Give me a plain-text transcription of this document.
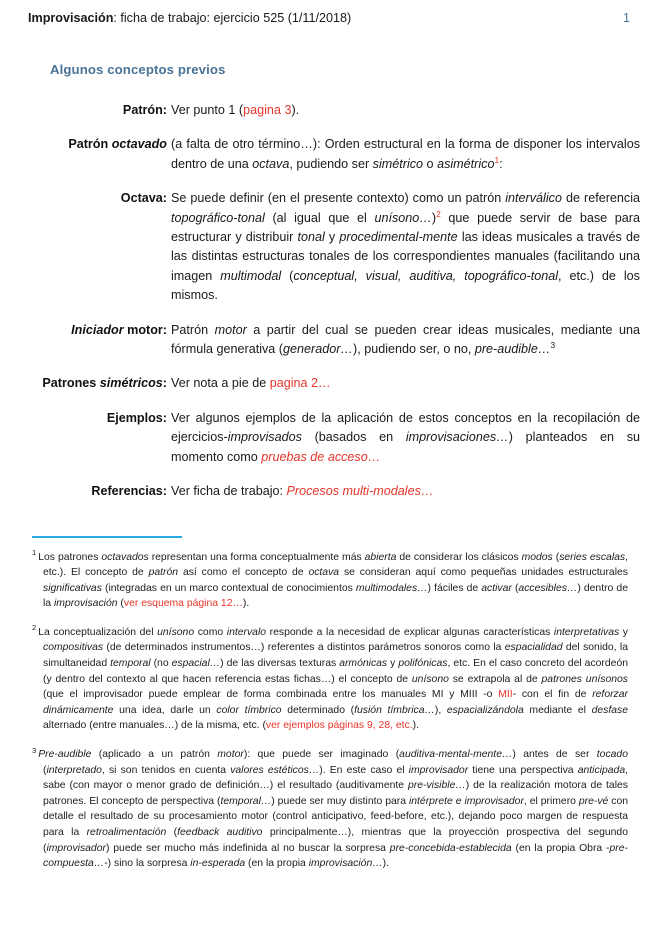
Improvisación: ficha de trabajo: ejercicio 525 (1/11/2018)	1
Algunos conceptos previos
Patrón: Ver punto 1 (pagina 3).
Patrón octavado (a falta de otro término…): Orden estructural en la forma de disponer los intervalos dentro de una octava, pudiendo ser simétrico o asimétrico$^1$:
Octava: Se puede definir (en el presente contexto) como un patrón interválico de referencia topográfico-tonal (al igual que el unísono…)$^2$ que puede servir de base para estructurar y distribuir tonal y procedimental-mente las ideas musicales a través de las distintas estructuras tonales de los correspondientes manuales (facilitando una imagen multimodal (conceptual, visual, auditiva, topográfico-tonal, etc.) de los mismos.
Iniciador motor: Patrón motor a partir del cual se pueden crear ideas musicales, mediante una fórmula generativa (generador…), pudiendo ser, o no, pre-audible…$^3$
Patrones simétricos: Ver nota a pie de pagina 2…
Ejemplos: Ver algunos ejemplos de la aplicación de estos conceptos en la recopilación de ejercicios-improvisados (basados en improvisaciones…) planteados en su momento como pruebas de acceso…
Referencias: Ver ficha de trabajo: Procesos multi-modales…
$^1$ Los patrones octavados representan una forma conceptualmente más abierta de considerar los clásicos modos (series escalas, etc.). El concepto de patrón así como el concepto de octava se consideran aquí como pequeñas unidades estructurales significativas (integradas en un marco contextual de conocimientos multimodales…) fáciles de activar (accesibles…) dentro de la improvisación (ver esquema página 12…).
$^2$ La conceptualización del unísono como intervalo responde a la necesidad de explicar algunas características interpretativas y compositivas (de determinados instrumentos…) referentes a distintos parámetros sonoros como la espacialidad del sonido, la simultaneidad temporal (no espacial…) de las diversas texturas armónicas y polifónicas, etc. En el caso concreto del acordeón (y dentro del contexto al que hacen referencia estas fichas…) el concepto de unísono se extrapola al de patrones unísonos (que el improvisador puede emplear de forma combinada entre los manuales MI y MIII -o MII- con el fin de reforzar dinámicamente una idea, darle un color tímbrico determinado (fusión tímbrica…), espacializándola mediante el desfase alternado (entre manuales…) de la misma, etc. (ver ejemplos páginas 9, 28, etc.).
$^3$ Pre-audible (aplicado a un patrón motor): que puede ser imaginado (auditiva-mental-mente…) antes de ser tocado (interpretado, si son tenidos en cuenta valores estéticos…). En este caso el improvisador tiene una perspectiva anticipada, sabe (con mayor o menor grado de definición…) el resultado (auditivamente pre-visible…) de la realización motora de tales patrones. El concepto de perspectiva (temporal…) puede ser muy distinto para intérprete e improvisador, el primero pre-vé con detalle el resultado de su procesamiento motor (control anticipativo, feed-before, etc.), dejando poco margen de respuesta para la retroalimentación (feedback auditivo principalmente…), mientras que la proyección prospectiva del segundo (improvisador) puede ser mucho más indefinida al no buscar la sorpresa pre-concebida-establecida (en la propia Obra -pre-compuesta…-) sino la sorpresa in-esperada (en la propia improvisación…).
